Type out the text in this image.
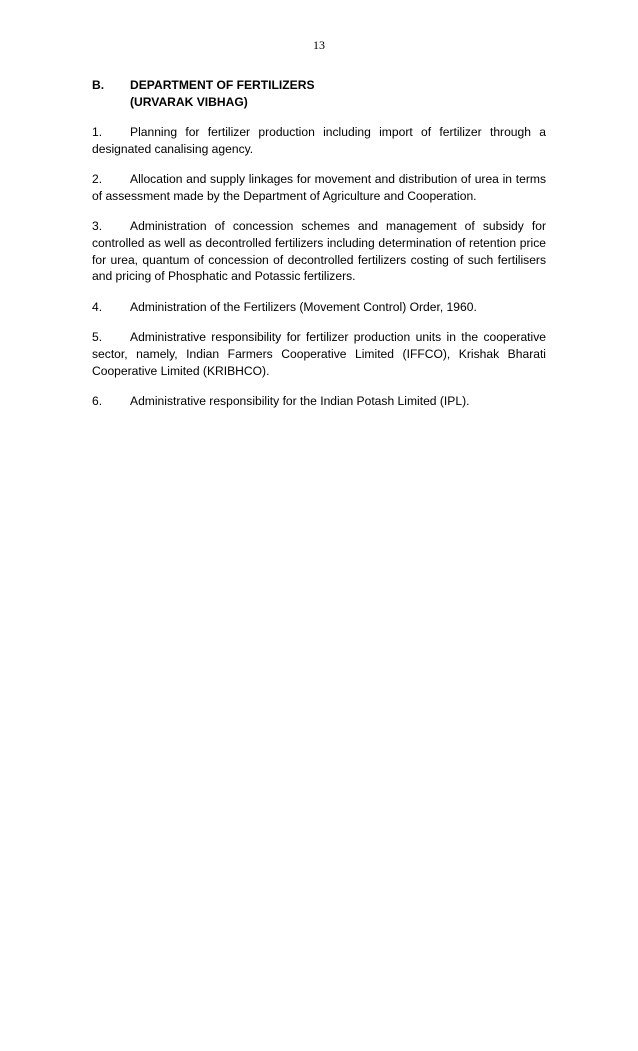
13
B.	DEPARTMENT OF FERTILIZERS
(URVARAK VIBHAG)

1. Planning for fertilizer production including import of fertilizer through a designated canalising agency.

2. Allocation and supply linkages for movement and distribution of urea in terms of assessment made by the Department of Agriculture and Cooperation.

3. Administration of concession schemes and management of subsidy for controlled as well as decontrolled fertilizers including determination of retention price for urea, quantum of concession of decontrolled fertilizers costing of such fertilisers and pricing of Phosphatic and Potassic fertilizers.

4. Administration of the Fertilizers (Movement Control) Order, 1960.

5. Administrative responsibility for fertilizer production units in the cooperative sector, namely, Indian Farmers Cooperative Limited (IFFCO), Krishak Bharati Cooperative Limited (KRIBHCO).

6. Administrative responsibility for the Indian Potash Limited (IPL).
